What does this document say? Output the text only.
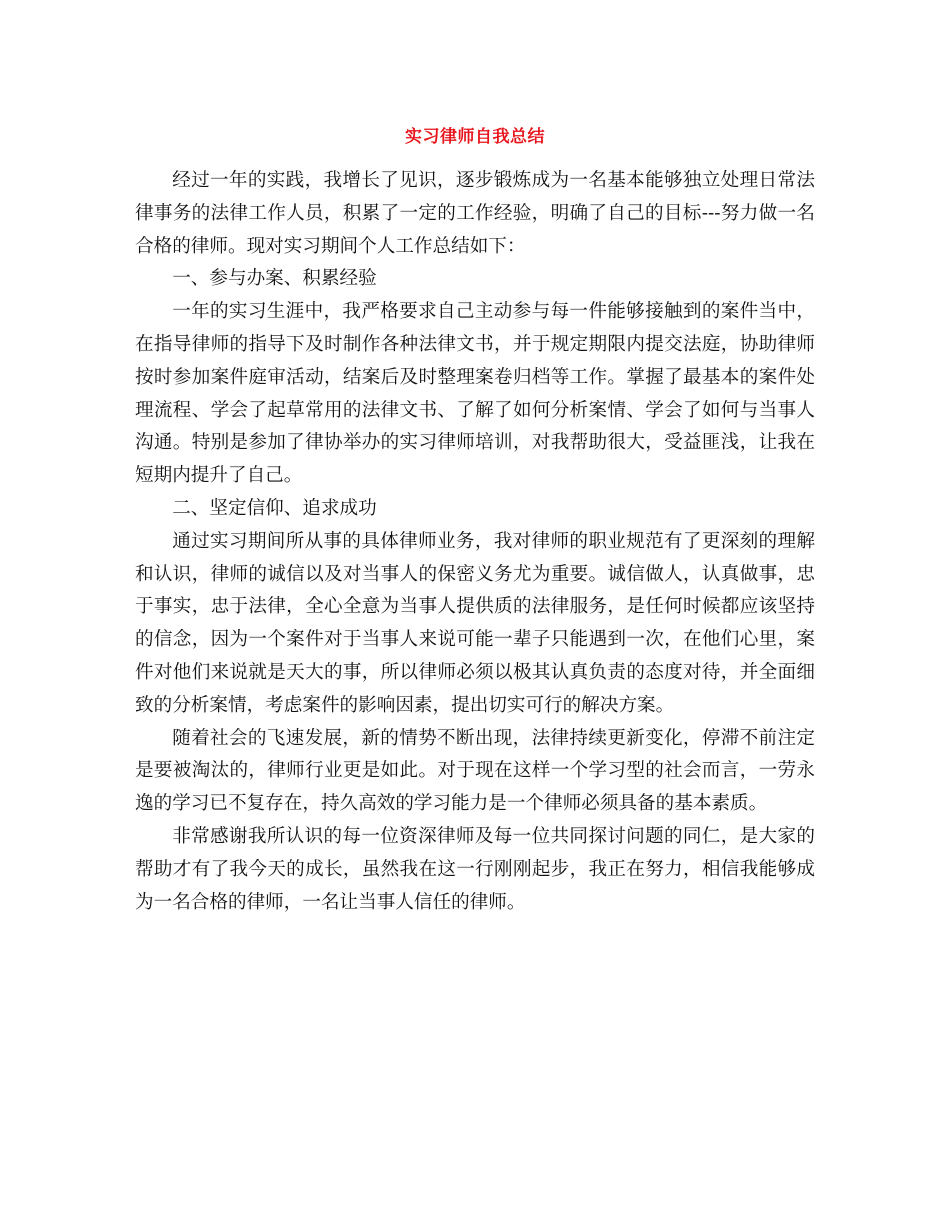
实习律师自我总结

经过一年的实践，我增长了见识，逐步锻炼成为一名基本能够独立处理日常法律事务的法律工作人员，积累了一定的工作经验，明确了自己的目标---努力做一名合格的律师。现对实习期间个人工作总结如下：

一、参与办案、积累经验

一年的实习生涯中，我严格要求自己主动参与每一件能够接触到的案件当中，在指导律师的指导下及时制作各种法律文书，并于规定期限内提交法庭，协助律师按时参加案件庭审活动，结案后及时整理案卷归档等工作。掌握了最基本的案件处理流程、学会了起草常用的法律文书、了解了如何分析案情、学会了如何与当事人沟通。特别是参加了律协举办的实习律师培训，对我帮助很大，受益匪浅，让我在短期内提升了自己。

二、坚定信仰、追求成功

通过实习期间所从事的具体律师业务，我对律师的职业规范有了更深刻的理解和认识，律师的诚信以及对当事人的保密义务尤为重要。诚信做人，认真做事，忠于事实，忠于法律，全心全意为当事人提供质的法律服务，是任何时候都应该坚持的信念，因为一个案件对于当事人来说可能一辈子只能遇到一次，在他们心里，案件对他们来说就是天大的事，所以律师必须以极其认真负责的态度对待，并全面细致的分析案情，考虑案件的影响因素，提出切实可行的解决方案。

随着社会的飞速发展，新的情势不断出现，法律持续更新变化，停滞不前注定是要被淘汰的，律师行业更是如此。对于现在这样一个学习型的社会而言，一劳永逸的学习已不复存在，持久高效的学习能力是一个律师必须具备的基本素质。

非常感谢我所认识的每一位资深律师及每一位共同探讨问题的同仁，是大家的帮助才有了我今天的成长，虽然我在这一行刚刚起步，我正在努力，相信我能够成为一名合格的律师，一名让当事人信任的律师。
